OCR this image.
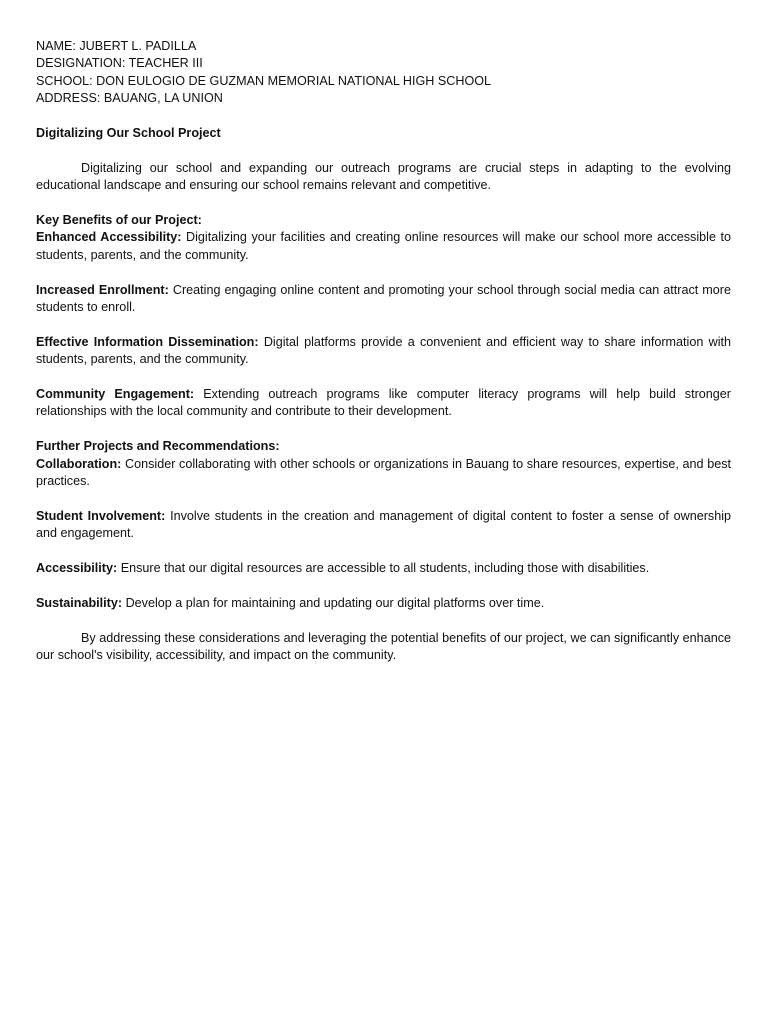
NAME: JUBERT L. PADILLA

DESIGNATION: TEACHER III

SCHOOL: DON EULOGIO DE GUZMAN MEMORIAL NATIONAL HIGH SCHOOL

ADDRESS: BAUANG, LA UNION

Digitalizing Our School Project

Digitalizing our school and expanding our outreach programs are crucial steps in adapting to the evolving educational landscape and ensuring our school remains relevant and competitive.

Key Benefits of our Project:

Enhanced Accessibility: Digitalizing your facilities and creating online resources will make our school more accessible to students, parents, and the community.

Increased Enrollment: Creating engaging online content and promoting your school through social media can attract more students to enroll.

Effective Information Dissemination: Digital platforms provide a convenient and efficient way to share information with students, parents, and the community.

Community Engagement: Extending outreach programs like computer literacy programs will help build stronger relationships with the local community and contribute to their development.

Further Projects and Recommendations:

Collaboration: Consider collaborating with other schools or organizations in Bauang to share resources, expertise, and best practices.

Student Involvement: Involve students in the creation and management of digital content to foster a sense of ownership and engagement.

Accessibility: Ensure that our digital resources are accessible to all students, including those with disabilities.

Sustainability: Develop a plan for maintaining and updating our digital platforms over time.

By addressing these considerations and leveraging the potential benefits of our project, we can significantly enhance our school's visibility, accessibility, and impact on the community.
